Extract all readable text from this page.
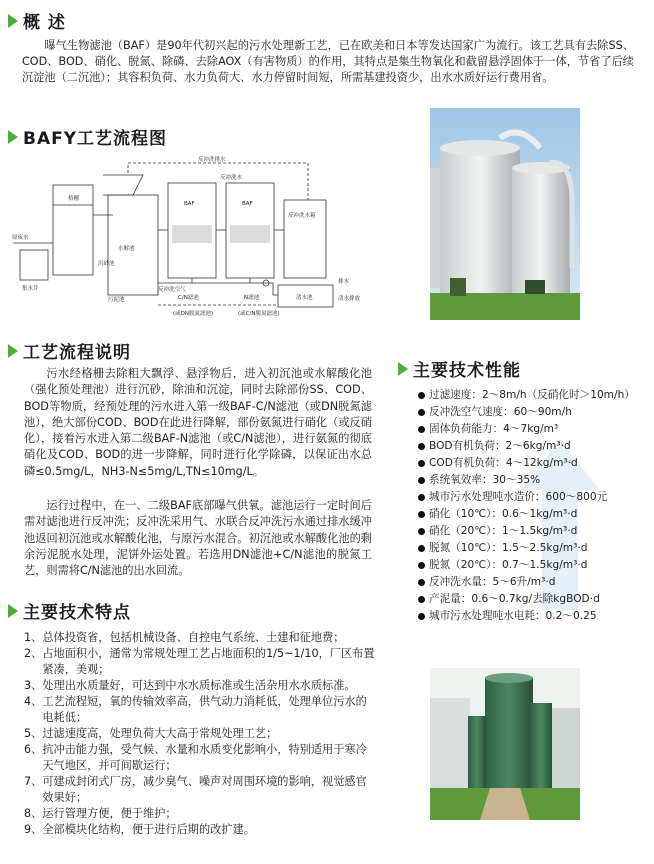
概 述

曝气生物滤池（BAF）是90年代初兴起的污水处理新工艺，已在欧美和日本等发达国家广为流行。该工艺具有去除SS、COD、BOD、硝化、脱氮、除磷、去除AOX（有害物质）的作用，其特点是集生物氧化和截留悬浮固体于一体，节省了后续沉淀池（二沉池）；其容积负荷、水力负荷大、水力停留时间短，所需基建投资少，出水水质好运行费用省。

BAFY工艺流程图
原废水
集水井
格栅
沉砂池
水解池
BAF	BAF
反冲洗水箱
C/N滤池	N滤池	清水池
反冲洗排水
反冲洗水
反冲洗空气
污泥池
(或DN脱氮滤池)	(或C/N脱氮滤池)
排水
清水排放
工艺流程说明

污水经格栅去除粗大飘浮、悬浮物后，进入初沉池或水解酸化池（强化预处理池）进行沉砂，除油和沉淀，同时去除部份SS、COD、BOD等物质，经预处理的污水进入第一级BAF-C/N滤池（或DN脱氮滤池），绝大部份COD、BOD在此进行降解，部份氨氮进行硝化（或反硝化），接着污水进入第二级BAF-N滤池（或C/N滤池），进行氨氮的彻底硝化及COD、BOD的进一步降解，同时进行化学除磷，以保证出水总磷≤0.5mg/L，NH3-N≤5mg/L,TN≤10mg/L。

运行过程中，在一、二级BAF底部曝气供氧。滤池运行一定时间后需对滤池进行反冲洗；反冲洗采用气、水联合反冲洗污水通过排水缓冲池返回初沉池或水解酸化池，与原污水混合。初沉池或水解酸化池的剩余污泥脱水处理，泥饼外运处置。若选用DN滤池+C/N滤池的脱氮工艺，则需将C/N滤池的出水回流。

主要技术性能
过滤速度：2～8m/h（反硝化时＞10m/h）
反冲洗空气速度：60～90m/h
固体负荷能力：4～7kg/m³
BOD有机负荷：2～6kg/m³·d
COD有机负荷：4～12kg/m³·d
系统氧效率：30～35%
城市污水处理吨水造价：600～800元
硝化（10℃）：0.6～1kg/m³·d
硝化（20℃）：1～1.5kg/m³·d
脱氮（10℃）：1.5～2.5kg/m³·d
脱氮（20℃）：0.7～1.5kg/m³·d
反冲洗水量：5～6升/m³·d
产泥量：0.6～0.7kg/去除kgBOD·d
城市污水处理吨水电耗：0.2～0.25
主要技术特点
1、 总体投资省，包括机械设备、自控电气系统、土建和征地费；
2、 占地面积小，通常为常规处理工艺占地面积的1/5~1/10，厂区布置紧凑，美观；
3、 处理出水质量好，可达到中水水质标准或生活杂用水水质标准。
4、 工艺流程短，氧的传输效率高，供气动力消耗低，处理单位污水的电耗低；
5、 过滤速度高，处理负荷大大高于常规处理工艺；
6、 抗冲击能力强，受气候、水量和水质变化影响小，特别适用于寒冷天气地区，并可间歇运行；
7、 可建成封闭式厂房，减少臭气、噪声对周围环境的影响，视觉感官效果好；
8、 运行管理方便，便于维护；
9、 全部模块化结构，便于进行后期的改扩建。
